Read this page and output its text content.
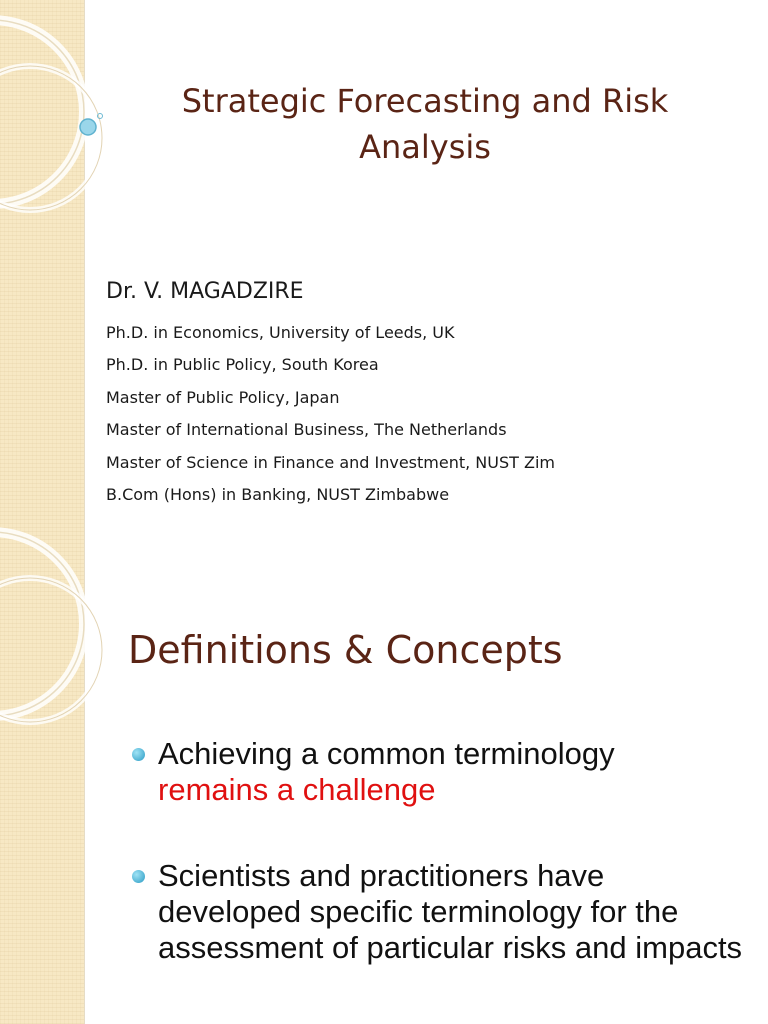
Strategic Forecasting and Risk Analysis
Dr. V. MAGADZIRE
Ph.D. in Economics, University of Leeds, UK
Ph.D. in Public Policy, South Korea
Master of Public Policy, Japan
Master of International Business, The Netherlands
Master of Science in Finance and Investment, NUST Zim
B.Com (Hons) in Banking, NUST Zimbabwe
Definitions & Concepts
Achieving a common terminology
remains a challenge
Scientists and practitioners have developed specific terminology for the assessment of particular risks and impacts
